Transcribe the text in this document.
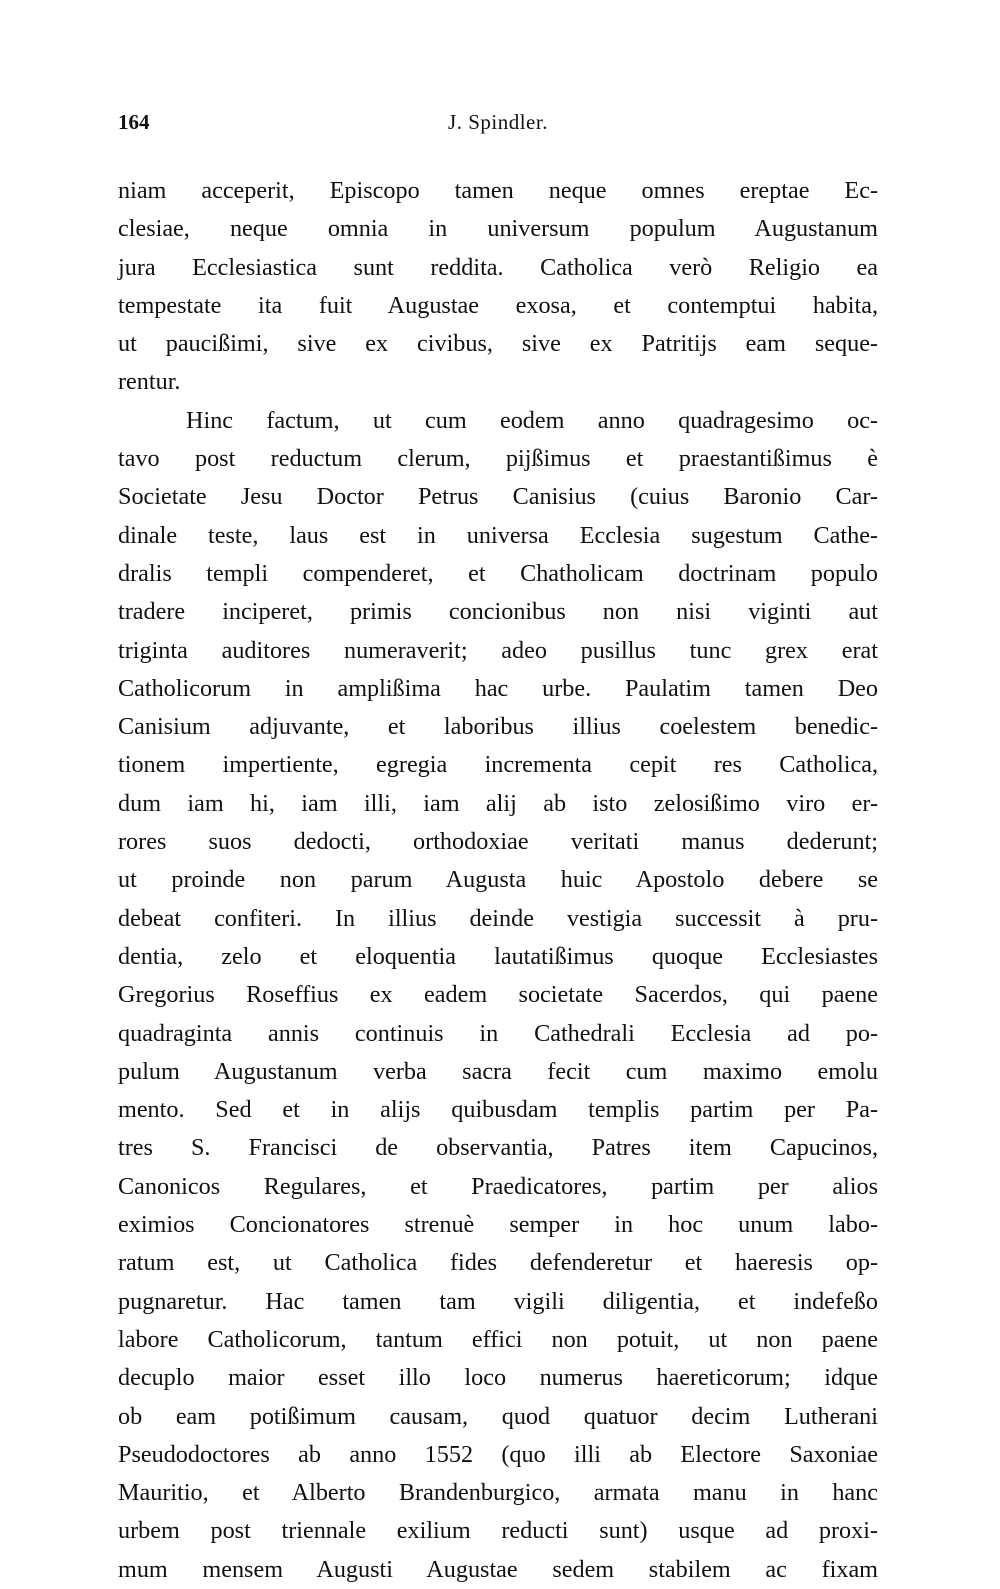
164	J. Spindler.
niam acceperit, Episcopo tamen neque omnes ereptae Ec-
clesiae, neque omnia in universum populum Augustanum
jura Ecclesiastica sunt reddita. Catholica verò Religio ea
tempestate ita fuit Augustae exosa, et contemptui habita,
ut paucißimi, sive ex civibus, sive ex Patritijs eam seque-
rentur.
Hinc factum, ut cum eodem anno quadragesimo oc-
tavo post reductum clerum, pijßimus et praestantißimus è
Societate Jesu Doctor Petrus Canisius (cuius Baronio Car-
dinale teste, laus est in universa Ecclesia sugestum Cathe-
dralis templi compenderet, et Chatholicam doctrinam populo
tradere inciperet, primis concionibus non nisi viginti aut
triginta auditores numeraverit; adeo pusillus tunc grex erat
Catholicorum in amplißima hac urbe. Paulatim tamen Deo
Canisium adjuvante, et laboribus illius coelestem benedic-
tionem impertiente, egregia incrementa cepit res Catholica,
dum iam hi, iam illi, iam alij ab isto zelosißimo viro er-
rores suos dedocti, orthodoxiae veritati manus dederunt;
ut proinde non parum Augusta huic Apostolo debere se
debeat confiteri. In illius deinde vestigia successit à pru-
dentia, zelo et eloquentia lautatißimus quoque Ecclesiastes
Gregorius Roseffius ex eadem societate Sacerdos, qui paene
quadraginta annis continuis in Cathedrali Ecclesia ad po-
pulum Augustanum verba sacra fecit cum maximo emolu
mento. Sed et in alijs quibusdam templis partim per Pa-
tres S. Francisci de observantia, Patres item Capucinos,
Canonicos Regulares, et Praedicatores, partim per alios
eximios Concionatores strenuè semper in hoc unum labo-
ratum est, ut Catholica fides defenderetur et haeresis op-
pugnaretur. Hac tamen tam vigili diligentia, et indefeßo
labore Catholicorum, tantum effici non potuit, ut non paene
decuplo maior esset illo loco numerus haereticorum; idque
ob eam potißimum causam, quod quatuor decim Lutherani
Pseudodoctores ab anno 1552 (quo illi ab Electore Saxoniae
Mauritio, et Alberto Brandenburgico, armata manu in hanc
urbem post triennale exilium reducti sunt) usque ad proxi-
mum mensem Augusti Augustae sedem stabilem ac fixam
